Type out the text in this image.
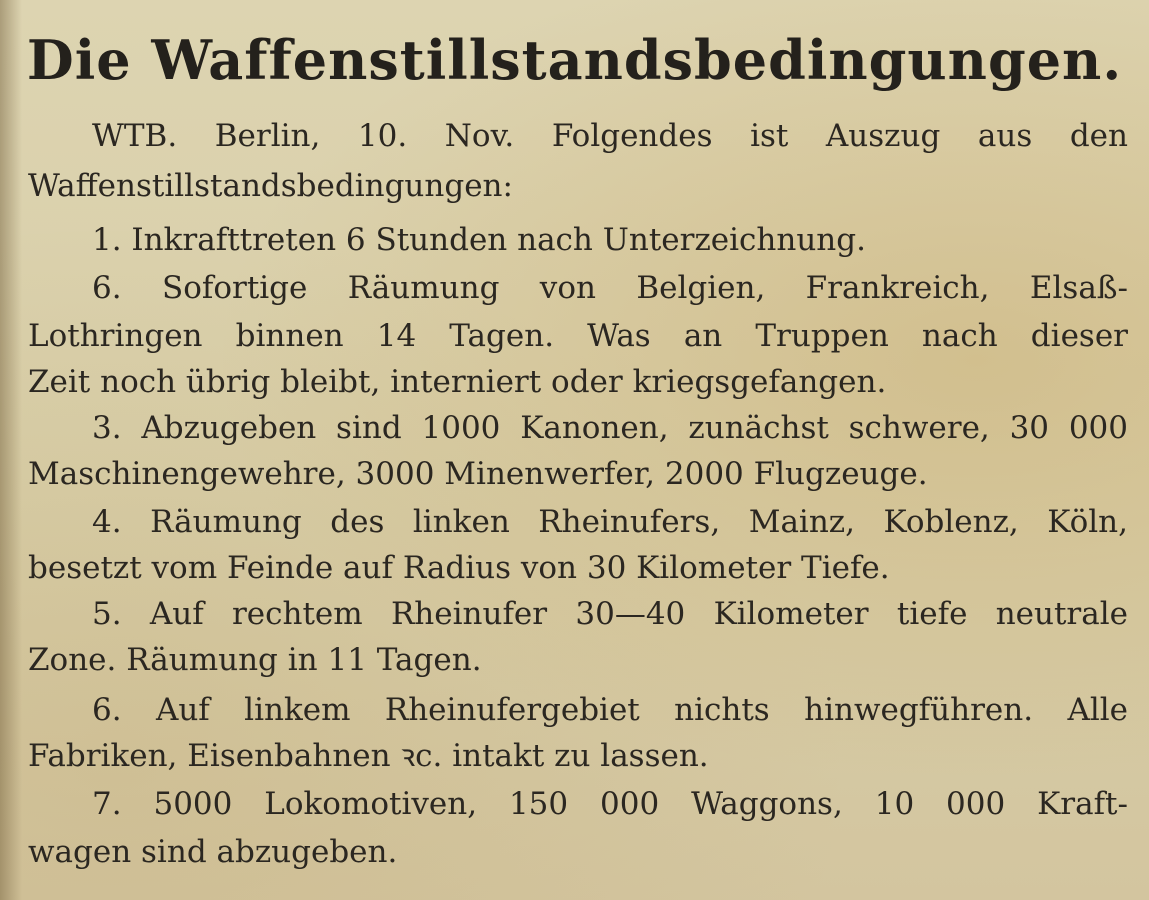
Die Waffenstillstandsbedingungen.
WTB. Berlin, 10. Nov. Folgendes ist Auszug aus den
Waffenstillstandsbedingungen:
1. Inkrafttreten 6 Stunden nach Unterzeichnung.
6. Sofortige Räumung von Belgien, Frankreich, Elsaß-
Lothringen binnen 14 Tagen. Was an Truppen nach dieser
Zeit noch übrig bleibt, interniert oder kriegsgefangen.
3. Abzugeben sind 1000 Kanonen, zunächst schwere, 30 000
Maschinengewehre, 3000 Minenwerfer, 2000 Flugzeuge.
4. Räumung des linken Rheinufers, Mainz, Koblenz, Köln,
besetzt vom Feinde auf Radius von 30 Kilometer Tiefe.
5. Auf rechtem Rheinufer 30—40 Kilometer tiefe neutrale
Zone. Räumung in 11 Tagen.
6. Auf linkem Rheinufergebiet nichts hinwegführen. Alle
Fabriken, Eisenbahnen ꝛc. intakt zu lassen.
7. 5000 Lokomotiven, 150 000 Waggons, 10 000 Kraft-
wagen sind abzugeben.
